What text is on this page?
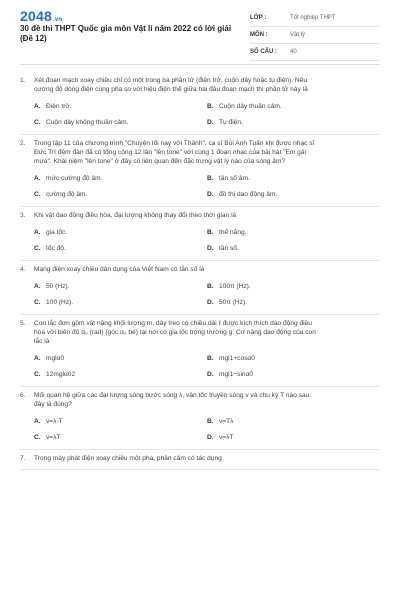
2048.vn
30 đề thi THPT Quốc gia môn Vật lí năm 2022 có lời giải
(Đề 12)
LỚP :	Tốt nghiệp THPT
MÔN :	Vật lý
SỐ CÂU :	40
1.	Xét đoạn mạch xoay chiều chỉ có một trong ba phần tử (điện trở, cuộn dây hoặc tụ điện). Nếu
cường độ dòng điện cùng pha so với hiệu điện thế giữa hai đầu đoạn mạch thì phần tử này là
A. Điện trở.	B. Cuộn dây thuần cảm.
C. Cuộn dây không thuần cảm.	D. Tụ điện.
2.	Trong tập 11 của chương trình "Chuyện tối nay với Thành", ca sĩ Bùi Anh Tuấn khi được nhạc sĩ
Đức Trí đệm đàn đã có tổng cộng 12 lần "lên tone" với cùng 1 đoạn nhạc của bài hát "Em gái
mưa". Khái niệm "lên tone" ở đây có liên quan đến đặc trưng vật lý nào của sóng âm?
A. mức cường độ âm.	B. tần số âm.
C. cường độ âm.	D. đồ thị dao động âm.
3.	Khi vật dao động điều hòa, đại lượng không thay đổi theo thời gian là
A. gia tốc.	B. thế năng.
C. tốc độ.	D. tần số.
4.	Mạng điện xoay chiều dân dụng của Việt Nam có tần số là
A. 50 (Hz).	B. 100π (Hz).
C. 100 (Hz).	D. 50π (Hz).
5.	Con lắc đơn gồm vật nặng khối lượng m, dây treo có chiều dài ℓ được kích thích dao động điều
hòa với biên độ α₀ (rad) (góc α₀ bé) tại nơi có gia tốc trọng trường g. Cơ năng dao động của con
lắc là
A. mglα0	B. mgl1+cosα0
C. 12mglα02	D. mgl1−sinα0
6.	Mối quan hệ giữa các đại lượng sóng bước sóng λ, vận tốc truyền sóng v và chu kỳ T nào sau
đây là đúng?
A. v=λ·T	B. v=Tλ
C. v=λT	D. v=λT
7.	Trong máy phát điện xoay chiều một pha, phần cảm có tác dụng
